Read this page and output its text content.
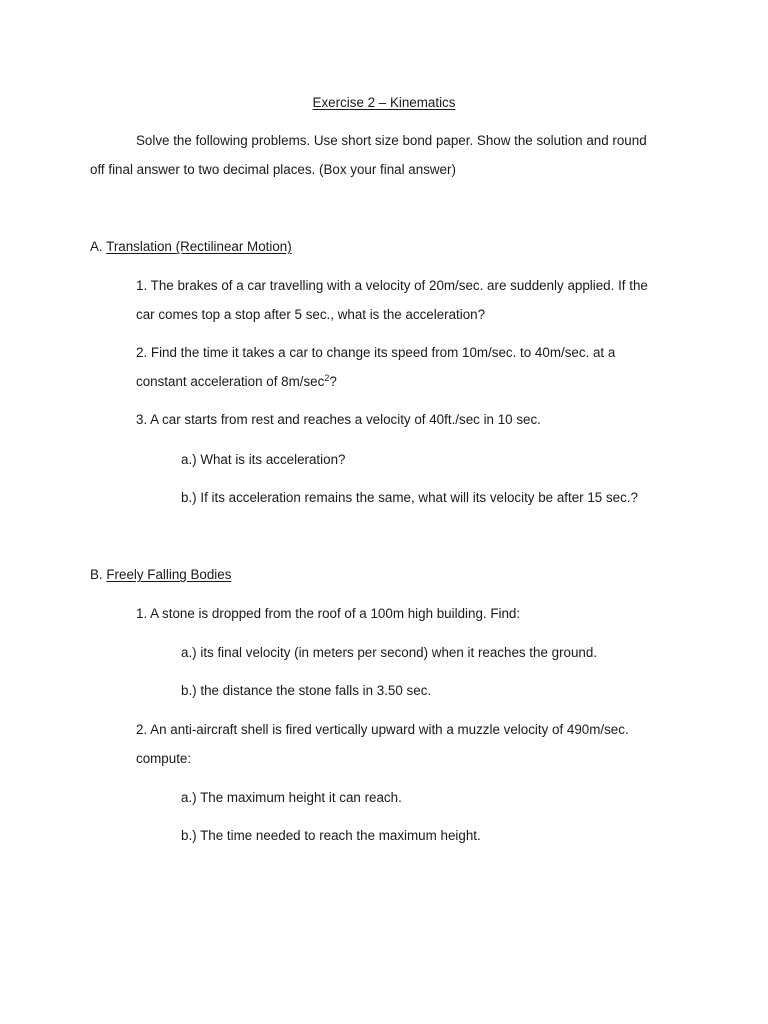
Exercise 2 – Kinematics
Solve the following problems. Use short size bond paper. Show the solution and round
off final answer to two decimal places. (Box your final answer)
A. Translation (Rectilinear Motion)
1. The brakes of a car travelling with a velocity of 20m/sec. are suddenly applied. If the
car comes top a stop after 5 sec., what is the acceleration?
2. Find the time it takes a car to change its speed from 10m/sec. to 40m/sec. at a
constant acceleration of $8m/\sec^2$?
3. A car starts from rest and reaches a velocity of 40ft./sec in 10 sec.
a.) What is its acceleration?
b.) If its acceleration remains the same, what will its velocity be after 15 sec.?
B. Freely Falling Bodies
1. A stone is dropped from the roof of a 100m high building. Find:
a.) its final velocity (in meters per second) when it reaches the ground.
b.) the distance the stone falls in 3.50 sec.
2. An anti-aircraft shell is fired vertically upward with a muzzle velocity of 490m/sec.
compute:
a.) The maximum height it can reach.
b.) The time needed to reach the maximum height.
